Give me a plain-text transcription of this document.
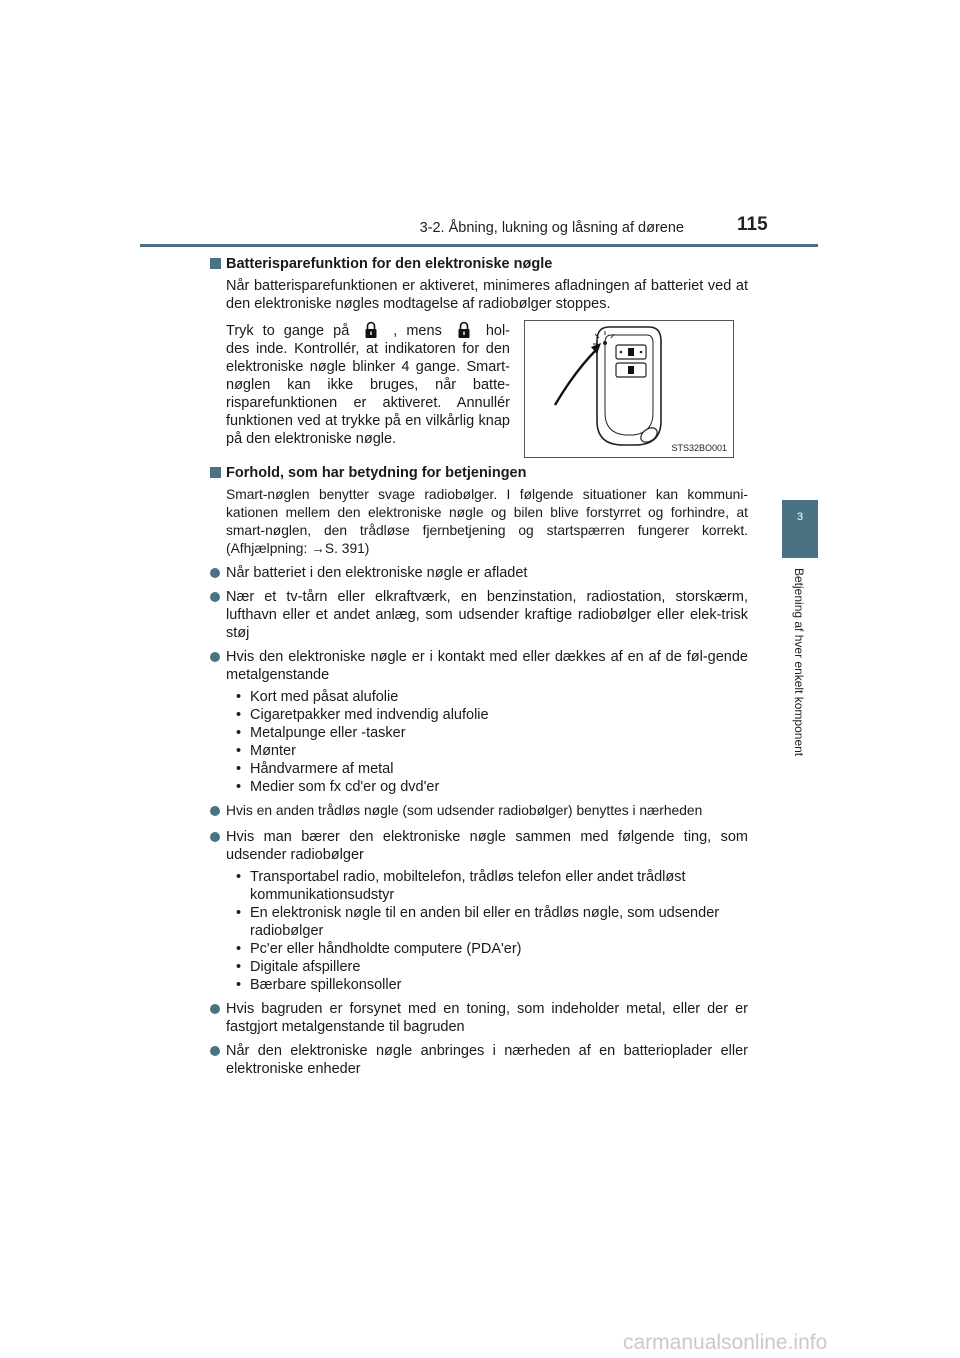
3-2. Åbning, lukning og låsning af dørene	115
3
Betjening af hver enkelt komponent
Batterisparefunktion for den elektroniske nøgle

Når batterisparefunktionen er aktiveret, minimeres afladningen af batteriet ved at den elektroniske nøgles modtagelse af radiobølger stoppes.

Tryk to gange på	, mens	hol- des inde. Kontrollér, at indikatoren for den elektroniske nøgle blinker 4 gange. Smart-nøglen kan ikke bruges, når batte-risparefunktionen er aktiveret. Annullér funktionen ved at trykke på en vilkårlig knap på den elektroniske nøgle.
Forhold, som har betydning for betjeningen

Smart-nøglen benytter svage radiobølger. I følgende situationer kan kommuni-kationen mellem den elektroniske nøgle og bilen blive forstyrret og forhindre, at smart-nøglen, den trådløse fjernbetjening og startspærren fungerer korrekt. (Afhjælpning: →S. 391)

Når batteriet i den elektroniske nøgle er afladet
Nær et tv-tårn eller elkraftværk, en benzinstation, radiostation, storskærm, lufthavn eller et andet anlæg, som udsender kraftige radiobølger eller elek-trisk støj
Hvis den elektroniske nøgle er i kontakt med eller dækkes af en af de føl-gende metalgenstande
• Kort med påsat alufolie
• Cigaretpakker med indvendig alufolie
• Metalpunge eller -tasker
• Mønter
• Håndvarmere af metal
• Medier som fx cd'er og dvd'er
Hvis en anden trådløs nøgle (som udsender radiobølger) benyttes i nærheden
Hvis man bærer den elektroniske nøgle sammen med følgende ting, som udsender radiobølger
• Transportabel radio, mobiltelefon, trådløs telefon eller andet trådløst kommunikationsudstyr
• En elektronisk nøgle til en anden bil eller en trådløs nøgle, som udsender radiobølger
• Pc'er eller håndholdte computere (PDA'er)
• Digitale afspillere
• Bærbare spillekonsoller
Hvis bagruden er forsynet med en toning, som indeholder metal, eller der er fastgjort metalgenstande til bagruden
Når den elektroniske nøgle anbringes i nærheden af en batterioplader eller elektroniske enheder
STS32BO001
carmanualsonline.info
